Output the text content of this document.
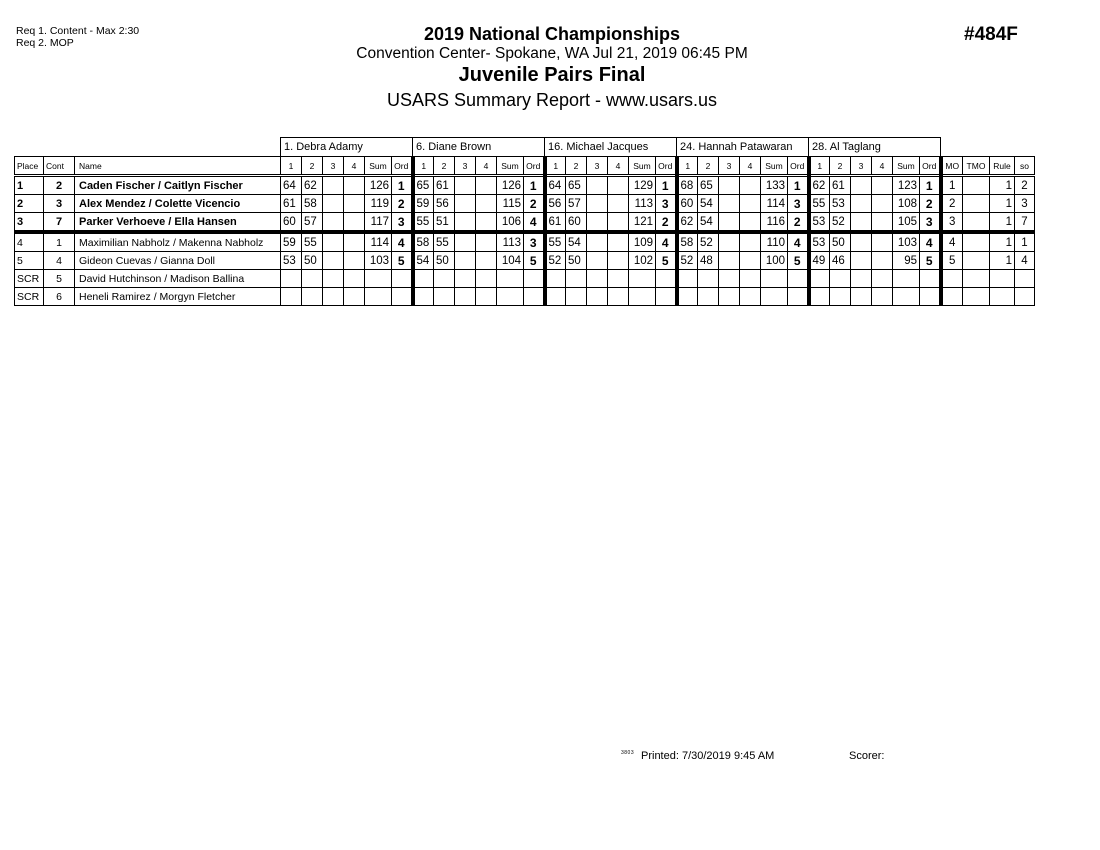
Req 1. Content - Max 2:30
Req 2. MOP	2019 National Championships
Convention Center- Spokane, WA Jul 21, 2019 06:45 PM
Juvenile Pairs Final
USARS Summary Report - www.usars.us
#484F
			1. Debra Adamy						6. Diane Brown						16. Michael Jacques						24. Hannah Patawaran						28. Al Taglang									
Place	Cont	Name	1	2	3	4	Sum	Ord	1	2	3	4	Sum	Ord	1	2	3	4	Sum	Ord	1	2	3	4	Sum	Ord	1	2	3	4	Sum	Ord	MO	TMO	Rule	so
1	2	Caden Fischer / Caitlyn Fischer	64	62			126	1	65	61			126	1	64	65			129	1	68	65			133	1	62	61			123	1	1		1	2
2	3	Alex Mendez / Colette Vicencio	61	58			119	2	59	56			115	2	56	57			113	3	60	54			114	3	55	53			108	2	2		1	3
3	7	Parker Verhoeve / Ella Hansen	60	57			117	3	55	51			106	4	61	60			121	2	62	54			116	2	53	52			105	3	3		1	7
4	1	Maximilian Nabholz / Makenna Nabholz	59	55			114	4	58	55			113	3	55	54			109	4	58	52			110	4	53	50			103	4	4		1	1
5	4	Gideon Cuevas / Gianna Doll	53	50			103	5	54	50			104	5	52	50			102	5	52	48			100	5	49	46			95	5	5		1	4
SCR	5	David Hutchinson / Madison Ballina																																		
SCR	6	Heneli Ramirez / Morgyn Fletcher																																		
3803 Printed: 7/30/2019 9:45 AM	Scorer:
